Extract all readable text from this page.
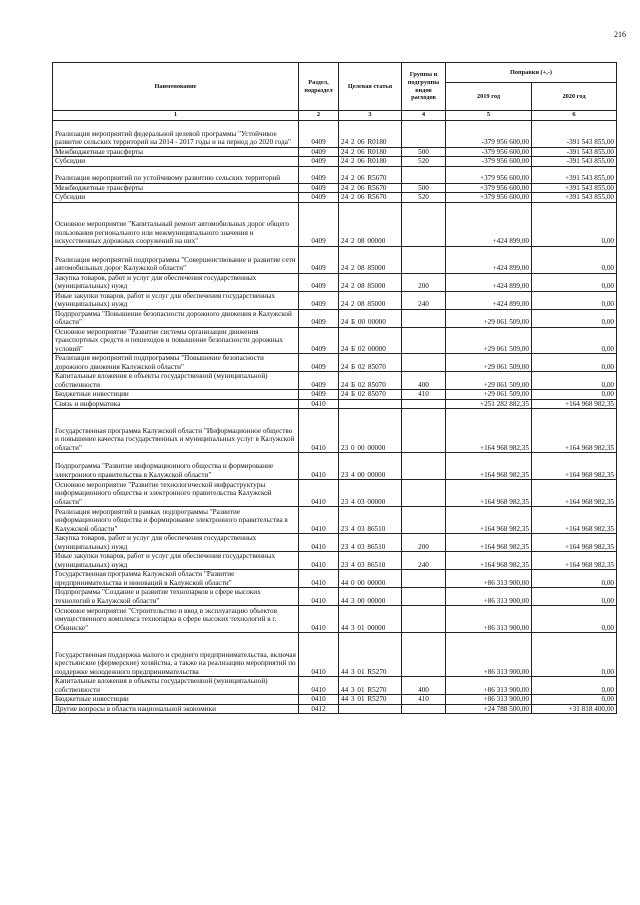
216
Наименование	Раздел, подраздел	Целевая статья	Группы и подгруппы видов расходов	Поправки (+,-)	
				2019 год	2020 год
1	2	3	4	5	6
Реализация мероприятий федеральной целевой программы "Устойчивое развитие сельских территорий на 2014 - 2017 годы и на период до 2020 года"	0409	24 2 06 R0180		-379 956 600,00	-391 543 855,00
Межбюджетные трансферты	0409	24 2 06 R0180	500	-379 956 600,00	-391 543 855,00
Субсидии	0409	24 2 06 R0180	520	-379 956 600,00	-391 543 855,00
Реализация мероприятий по устойчивому развитию сельских территорий	0409	24 2 06 R5670		+379 956 600,00	+391 543 855,00
Межбюджетные трансферты	0409	24 2 06 R5670	500	+379 956 600,00	+391 543 855,00
Субсидии	0409	24 2 06 R5670	520	+379 956 600,00	+391 543 855,00
Основное мероприятие "Капитальный ремонт автомобильных дорог общего пользования регионального или межмуниципального значения и искусственных дорожных сооружений на них"	0409	24 2 08 00000		+424 899,00	0,00
Реализация мероприятий подпрограммы "Совершенствование и развитие сети автомобильных дорог Калужской области"	0409	24 2 08 85000		+424 899,00	0,00
Закупка товаров, работ и услуг для обеспечения государственных (муниципальных) нужд	0409	24 2 08 85000	200	+424 899,00	0,00
Иные закупки товаров, работ и услуг для обеспечения государственных (муниципальных) нужд	0409	24 2 08 85000	240	+424 899,00	0,00
Подпрограмма "Повышение безопасности дорожного движения в Калужской области"	0409	24 Б 00 00000		+29 061 509,00	0,00
Основное мероприятие "Развитие системы организации движения транспортных средств и пешеходов и повышение безопасности дорожных условий"	0409	24 Б 02 00000		+29 061 509,00	0,00
Реализация мероприятий подпрограммы "Повышение безопасности дорожного движения Калужской области"	0409	24 Б 02 85070		+29 061 509,00	0,00
Капитальные вложения в объекты государственной (муниципальной) собственности	0409	24 Б 02 85070	400	+29 061 509,00	0,00
Бюджетные инвестиции	0409	24 Б 02 85070	410	+29 061 509,00	0,00
Связь и информатика	0410			+251 282 882,35	+164 968 982,35
Государственная программа Калужской области "Информационное общество и повышение качества государственных и муниципальных услуг в Калужской области"	0410	23 0 00 00000		+164 968 982,35	+164 968 982,35
Подпрограмма "Развитие информационного общества и формирование электронного правительства в Калужской области"	0410	23 4 00 00000		+164 968 982,35	+164 968 982,35
Основное мероприятие "Развитие технологической инфраструктуры информационного общества и электронного правительства Калужской области"	0410	23 4 03 00000		+164 968 982,35	+164 968 982,35
Реализация мероприятий в рамках подпрограммы "Развитие информационного общества и формирование электронного правительства в Калужской области"	0410	23 4 03 86510		+164 968 982,35	+164 968 982,35
Закупка товаров, работ и услуг для обеспечения государственных (муниципальных) нужд	0410	23 4 03 86510	200	+164 968 982,35	+164 968 982,35
Иные закупки товаров, работ и услуг для обеспечения государственных (муниципальных) нужд	0410	23 4 03 86510	240	+164 968 982,35	+164 968 982,35
Государственная программа Калужской области "Развитие предпринимательства и инноваций в Калужской области"	0410	44 0 00 00000		+86 313 900,00	0,00
Подпрограмма "Создание и развитие технопарков в сфере высоких технологий в Калужской области"	0410	44 3 00 00000		+86 313 900,00	0,00
Основное мероприятие "Строительство и ввод в эксплуатацию объектов имущественного комплекса технопарка в сфере высоких технологий в г. Обнинске"	0410	44 3 01 00000		+86 313 900,00	0,00
Государственная поддержка малого и среднего предпринимательства, включая крестьянские (фермерские) хозяйства, а также на реализацию мероприятий по поддержке молодежного предпринимательства	0410	44 3 01 R5270		+86 313 900,00	0,00
Капитальные вложения в объекты государственной (муниципальной) собственности	0410	44 3 01 R5270	400	+86 313 900,00	0,00
Бюджетные инвестиции	0410	44 3 01 R5270	410	+86 313 900,00	0,00
Другие вопросы в области национальной экономики	0412			+24 788 500,00	+31 818 400,00
